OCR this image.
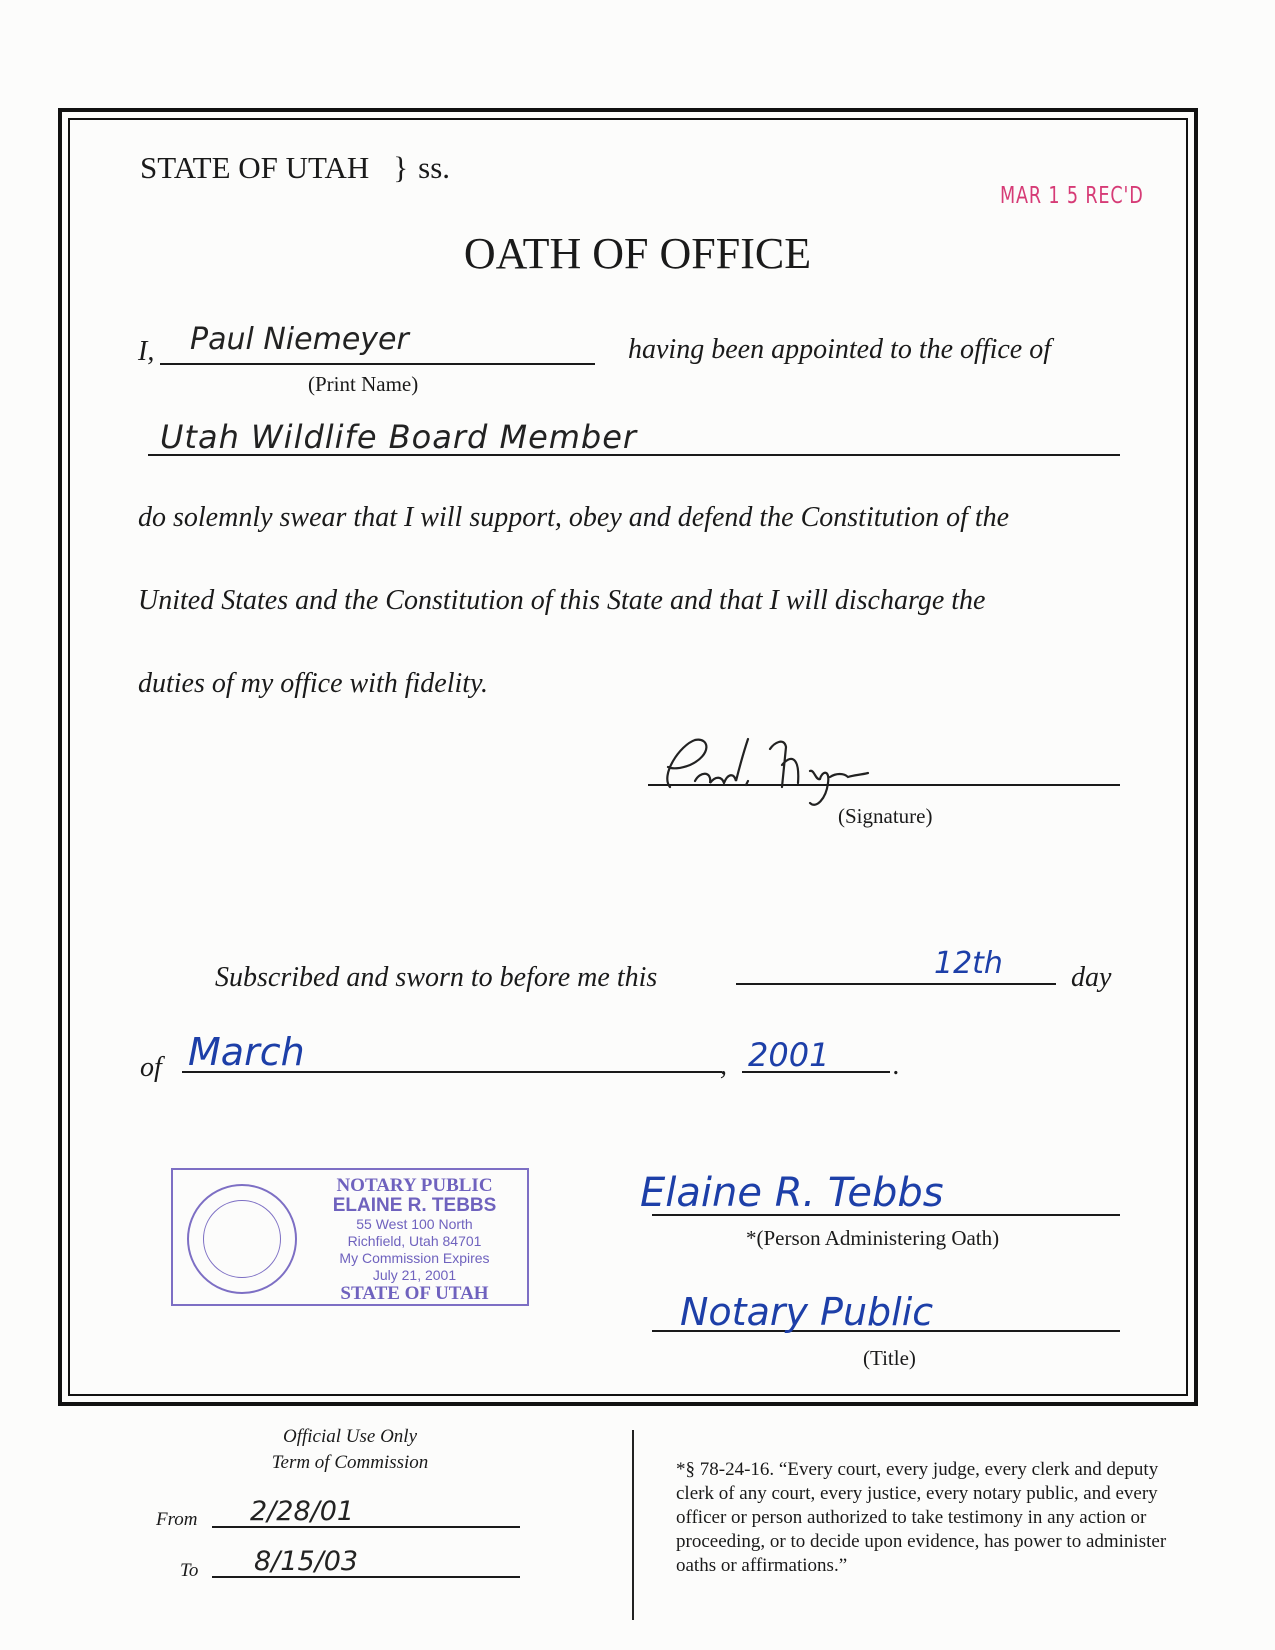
STATE OF UTAH } ss.
MAR 1 5 REC'D
OATH OF OFFICE
I, Paul Niemeyer
(Print Name)
having been appointed to the office of
Utah Wildlife Board Member
do solemnly swear that I will support, obey and defend the Constitution of the
United States and the Constitution of this State and that I will discharge the
duties of my office with fidelity.
(Signature)
Subscribed and sworn to before me this	12th day
of March	, 2001 .
NOTARY PUBLIC
ELAINE R. TEBBS
55 West 100 North
Richfield, Utah 84701
My Commission Expires
July 21, 2001
STATE OF UTAH
Elaine R. Tebbs
*(Person Administering Oath)
Notary Public
(Title)
Official Use Only
Term of Commission
From 2/28/01
To 8/15/03
*§ 78-24-16. “Every court, every judge, every clerk and deputy clerk of any court, every justice, every notary public, and every officer or person authorized to take testimony in any action or proceeding, or to decide upon evidence, has power to administer oaths or affirmations.”
